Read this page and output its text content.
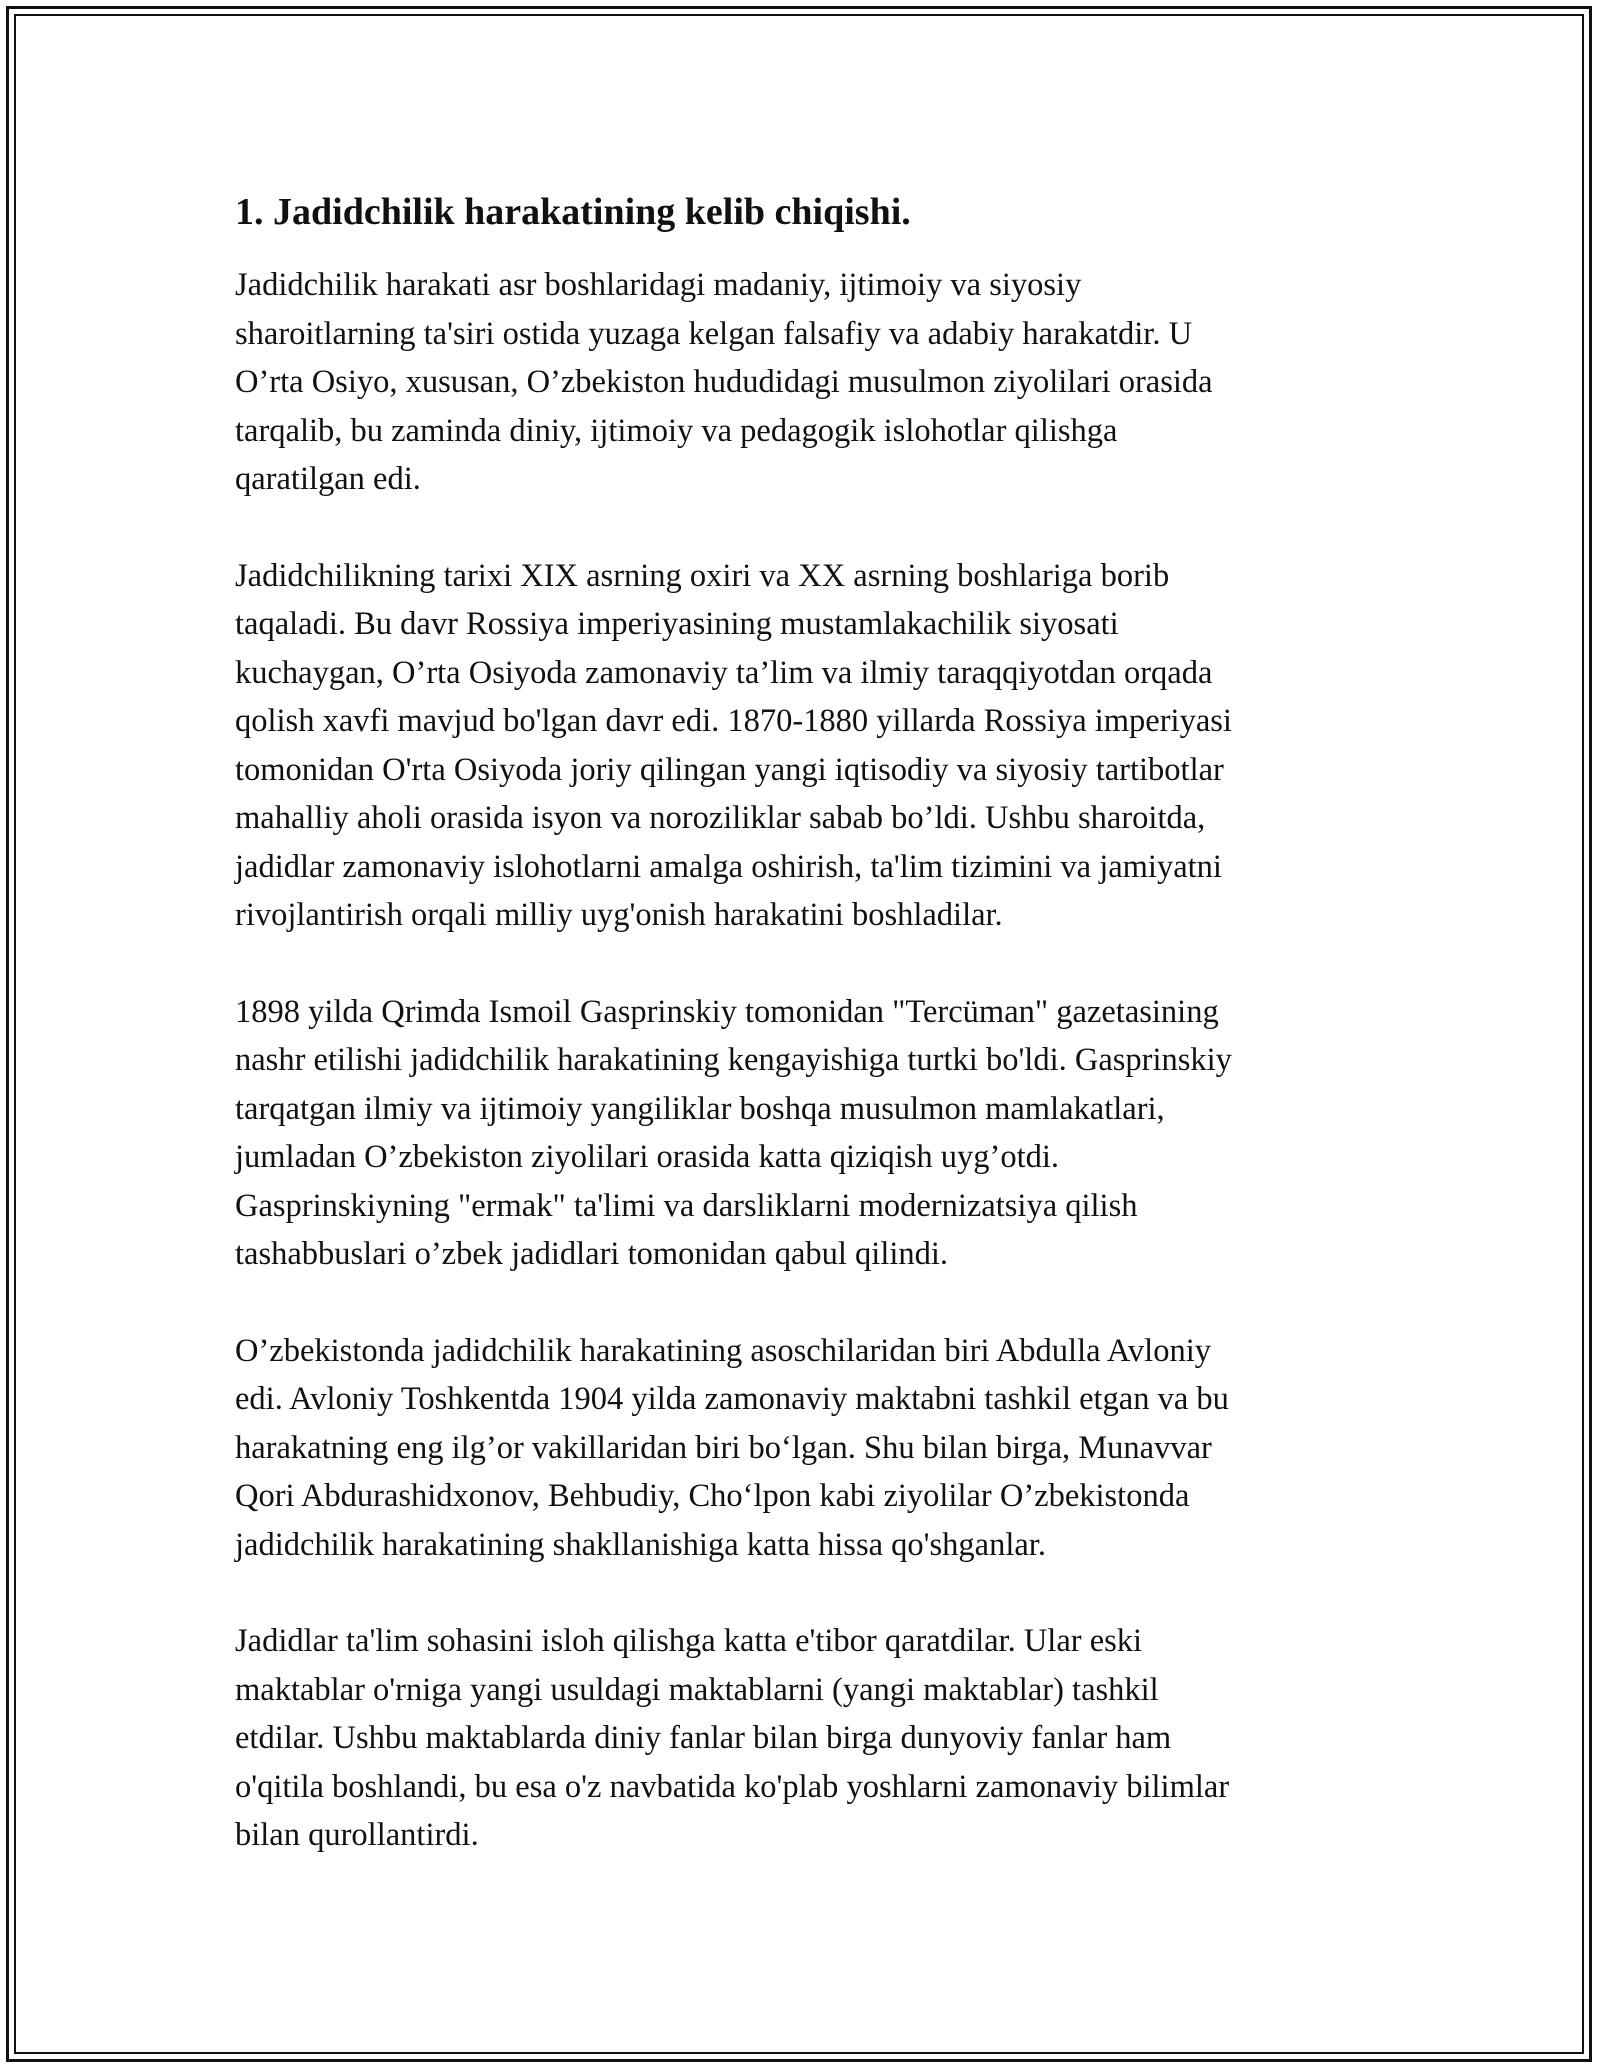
1. Jadidchilik harakatining kelib chiqishi.

Jadidchilik harakati asr boshlaridagi madaniy, ijtimoiy va siyosiy
sharoitlarning ta'siri ostida yuzaga kelgan falsafiy va adabiy harakatdir. U
O’rta Osiyo, xususan, O’zbekiston hududidagi musulmon ziyolilari orasida
tarqalib, bu zaminda diniy, ijtimoiy va pedagogik islohotlar qilishga
qaratilgan edi.

Jadidchilikning tarixi XIX asrning oxiri va XX asrning boshlariga borib
taqaladi. Bu davr Rossiya imperiyasining mustamlakachilik siyosati
kuchaygan, O’rta Osiyoda zamonaviy ta’lim va ilmiy taraqqiyotdan orqada
qolish xavfi mavjud bo'lgan davr edi. 1870-1880 yillarda Rossiya imperiyasi
tomonidan O'rta Osiyoda joriy qilingan yangi iqtisodiy va siyosiy tartibotlar
mahalliy aholi orasida isyon va noroziliklar sabab bo’ldi. Ushbu sharoitda,
jadidlar zamonaviy islohotlarni amalga oshirish, ta'lim tizimini va jamiyatni
rivojlantirish orqali milliy uyg'onish harakatini boshladilar.

1898 yilda Qrimda Ismoil Gasprinskiy tomonidan "Tercüman" gazetasining
nashr etilishi jadidchilik harakatining kengayishiga turtki bo'ldi. Gasprinskiy
tarqatgan ilmiy va ijtimoiy yangiliklar boshqa musulmon mamlakatlari,
jumladan O’zbekiston ziyolilari orasida katta qiziqish uyg’otdi.
Gasprinskiyning "ermak" ta'limi va darsliklarni modernizatsiya qilish
tashabbuslari o’zbek jadidlari tomonidan qabul qilindi.

O’zbekistonda jadidchilik harakatining asoschilaridan biri Abdulla Avloniy
edi. Avloniy Toshkentda 1904 yilda zamonaviy maktabni tashkil etgan va bu
harakatning eng ilg’or vakillaridan biri bo‘lgan. Shu bilan birga, Munavvar
Qori Abdurashidxonov, Behbudiy, Cho‘lpon kabi ziyolilar O’zbekistonda
jadidchilik harakatining shakllanishiga katta hissa qo'shganlar.

Jadidlar ta'lim sohasini isloh qilishga katta e'tibor qaratdilar. Ular eski
maktablar o'rniga yangi usuldagi maktablarni (yangi maktablar) tashkil
etdilar. Ushbu maktablarda diniy fanlar bilan birga dunyoviy fanlar ham
o'qitila boshlandi, bu esa o'z navbatida ko'plab yoshlarni zamonaviy bilimlar
bilan qurollantirdi.
